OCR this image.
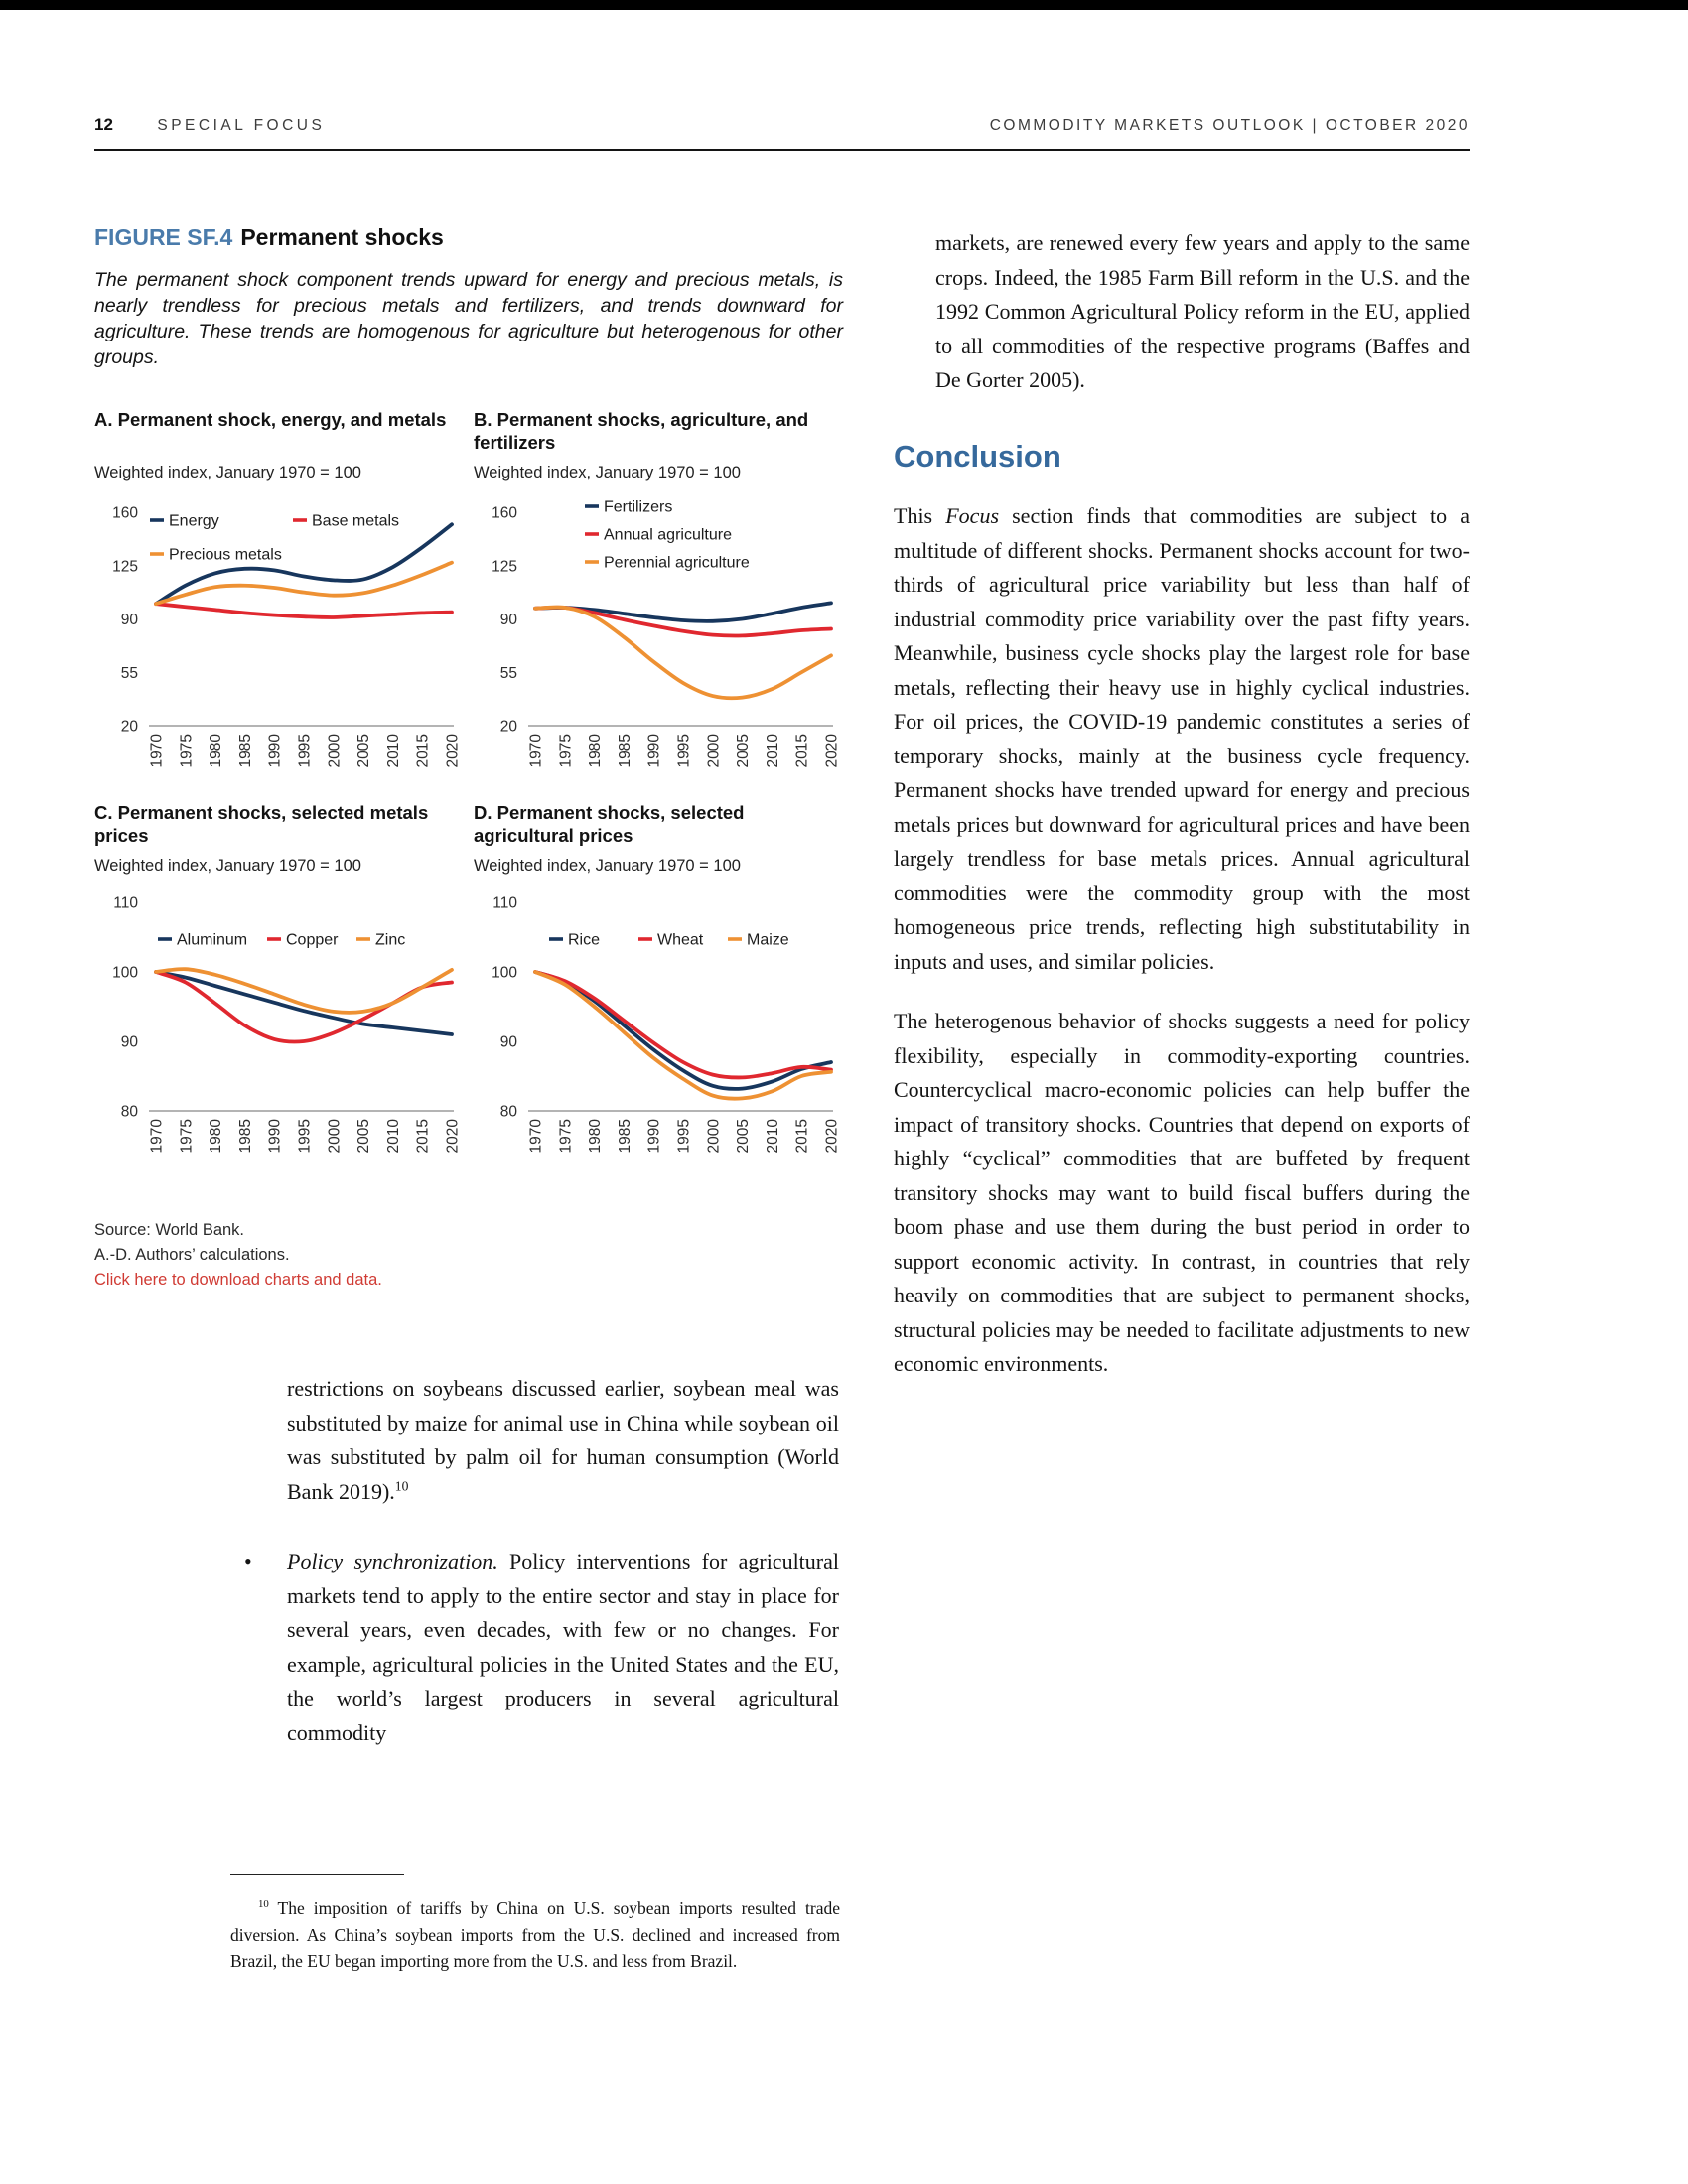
12	SPECIAL FOCUS	COMMODITY MARKETS OUTLOOK | OCTOBER 2020
FIGURE SF.4 Permanent shocks

The permanent shock component trends upward for energy and precious metals, is nearly trendless for precious metals and fertilizers, and trends downward for agriculture. These trends are homogenous for agriculture but heterogenous for other groups.

A. Permanent shock, energy, and metals
Weighted index, January 1970 = 100
160
125
90
55
20
1970 1975 1980 1985 1990 1995 2000 2005 2010 2015 2020
Energy	Base metals
Precious metals
B. Permanent shocks, agriculture, and fertilizers
Weighted index, January 1970 = 100
160
125
90
55
20
1970 1975 1980 1985 1990 1995 2000 2005 2010 2015 2020
Fertilizers
Annual agriculture
Perennial agriculture
C. Permanent shocks, selected metals prices
Weighted index, January 1970 = 100
110
100
90
80
1970 1975 1980 1985 1990 1995 2000 2005 2010 2015 2020
Aluminum Copper Zinc
D. Permanent shocks, selected agricultural prices
Weighted index, January 1970 = 100
110
100
90
80
1970 1975 1980 1985 1990 1995 2000 2005 2010 2015 2020
Rice	Wheat	Maize
Source: World Bank.
A.-D. Authors’ calculations.
Click here to download charts and data.

restrictions on soybeans discussed earlier, soybean meal was substituted by maize for animal use in China while soybean oil was substituted by palm oil for human consumption (World Bank 2019).$^{10}$

•	Policy synchronization. Policy interventions for agricultural markets tend to apply to the entire sector and stay in place for several years, even decades, with few or no changes. For example, agricultural policies in the United States and the EU, the world’s largest producers in several agricultural commodity

markets, are renewed every few years and apply to the same crops. Indeed, the 1985 Farm Bill reform in the U.S. and the 1992 Common Agricultural Policy reform in the EU, applied to all commodities of the respective programs (Baffes and De Gorter 2005).

Conclusion

This Focus section finds that commodities are subject to a multitude of different shocks. Permanent shocks account for two-thirds of agricultural price variability but less than half of industrial commodity price variability over the past fifty years. Meanwhile, business cycle shocks play the largest role for base metals, reflecting their heavy use in highly cyclical industries. For oil prices, the COVID-19 pandemic constitutes a series of temporary shocks, mainly at the business cycle frequency. Permanent shocks have trended upward for energy and precious metals prices but downward for agricultural prices and have been largely trendless for base metals prices. Annual agricultural commodities were the commodity group with the most homogeneous price trends, reflecting high substitutability in inputs and uses, and similar policies.

The heterogenous behavior of shocks suggests a need for policy flexibility, especially in commodity-exporting countries. Countercyclical macro-economic policies can help buffer the impact of transitory shocks. Countries that depend on exports of highly “cyclical” commodities that are buffeted by frequent transitory shocks may want to build fiscal buffers during the boom phase and use them during the bust period in order to support economic activity. In contrast, in countries that rely heavily on commodities that are subject to permanent shocks, structural policies may be needed to facilitate adjustments to new economic environments.

$^{10}$ The imposition of tariffs by China on U.S. soybean imports resulted trade diversion. As China’s soybean imports from the U.S. declined and increased from Brazil, the EU began importing more from the U.S. and less from Brazil.
